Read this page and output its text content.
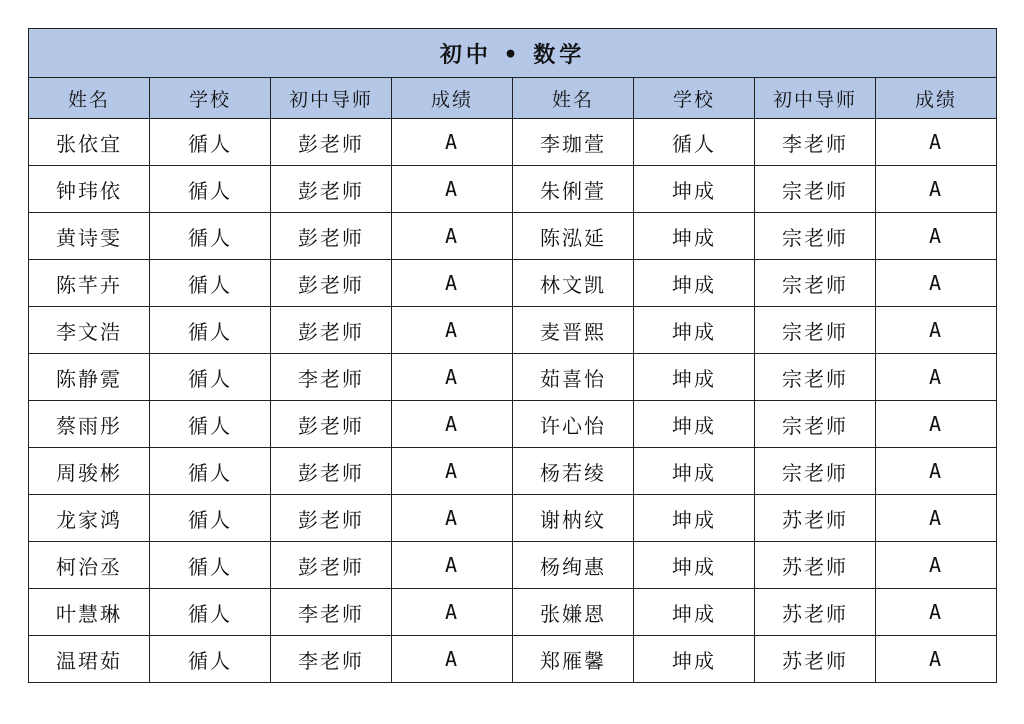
初中 • 数学							
姓名	学校	初中导师	成绩	姓名	学校	初中导师	成绩
张依宜	循人	彭老师	A	李珈萱	循人	李老师	A
钟玮依	循人	彭老师	A	朱俐萱	坤成	宗老师	A
黄诗雯	循人	彭老师	A	陈泓延	坤成	宗老师	A
陈芊卉	循人	彭老师	A	林文凯	坤成	宗老师	A
李文浩	循人	彭老师	A	麦晋熙	坤成	宗老师	A
陈静霓	循人	李老师	A	茹喜怡	坤成	宗老师	A
蔡雨彤	循人	彭老师	A	许心怡	坤成	宗老师	A
周骏彬	循人	彭老师	A	杨若绫	坤成	宗老师	A
龙家鸿	循人	彭老师	A	谢枘纹	坤成	苏老师	A
柯治丞	循人	彭老师	A	杨绚惠	坤成	苏老师	A
叶慧琳	循人	李老师	A	张嫌恩	坤成	苏老师	A
温珺茹	循人	李老师	A	郑雁馨	坤成	苏老师	A
